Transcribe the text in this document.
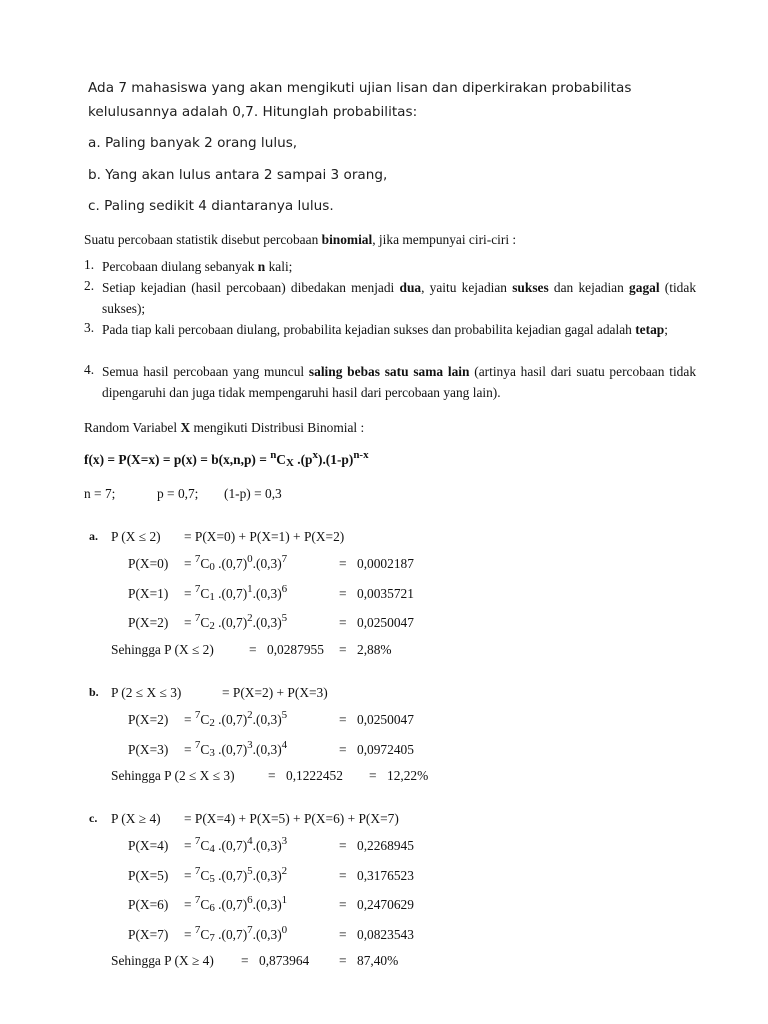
Ada 7 mahasiswa yang akan mengikuti ujian lisan dan diperkirakan probabilitas
kelulusannya adalah 0,7. Hitunglah probabilitas:
a. Paling banyak 2 orang lulus,
b. Yang akan lulus antara 2 sampai 3 orang,
c. Paling sedikit 4 diantaranya lulus.
Suatu percobaan statistik disebut percobaan binomial, jika mempunyai ciri-ciri :
1. Percobaan diulang sebanyak n kali;
2. Setiap kejadian (hasil percobaan) dibedakan menjadi dua, yaitu kejadian sukses dan kejadian gagal (tidak sukses);
3. Pada tiap kali percobaan diulang, probabilita kejadian sukses dan probabilita kejadian gagal adalah tetap;
4. Semua hasil percobaan yang muncul saling bebas satu sama lain (artinya hasil dari suatu percobaan tidak dipengaruhi dan juga tidak mempengaruhi hasil dari percobaan yang lain).
Random Variabel X mengikuti Distribusi Binomial :
$f(x) = P(X=x) = p(x) = b(x,n,p) = ^nC_X$ $.(p^x).(1-p)^{n-x}$
n = 7;	p = 0,7; (1-p) = 0,3
a. P (X ≤ 2) = P(X=0) + P(X=1) + P(X=2)
$P(X=0) = ^7C_0$ $.(0,7)^0.(0,3)^7$	= 0,0002187
$P(X=1) = ^7C_1$ $.(0,7)^1.(0,3)^6$	= 0,0035721
$P(X=2) = ^7C_2$ $.(0,7)^2.(0,3)^5$	= 0,0250047
Sehingga P (X ≤ 2)	= 0,0287955 = 2,88%
b. P (2 ≤ X ≤ 3)	= P(X=2) + P(X=3)
$P(X=2) = ^7C_2$ $.(0,7)^2.(0,3)^5$	= 0,0250047
$P(X=3) = ^7C_3$ $.(0,7)^3.(0,3)^4$	= 0,0972405
Sehingga P (2 ≤ X ≤ 3) = 0,1222452 = 12,22%
c. P (X ≥ 4) = P(X=4) + P(X=5) + P(X=6) + P(X=7)
$P(X=4) = ^7C_4$ $.(0,7)^4.(0,3)^3$	= 0,2268945
$P(X=5) = ^7C_5$ $.(0,7)^5.(0,3)^2$	= 0,3176523
$P(X=6) = ^7C_6$ $.(0,7)^6.(0,3)^1$	= 0,2470629
$P(X=7) = ^7C_7$ $.(0,7)^7.(0,3)^0$	= 0,0823543
Sehingga P (X ≥ 4) = 0,873964 = 87,40%
